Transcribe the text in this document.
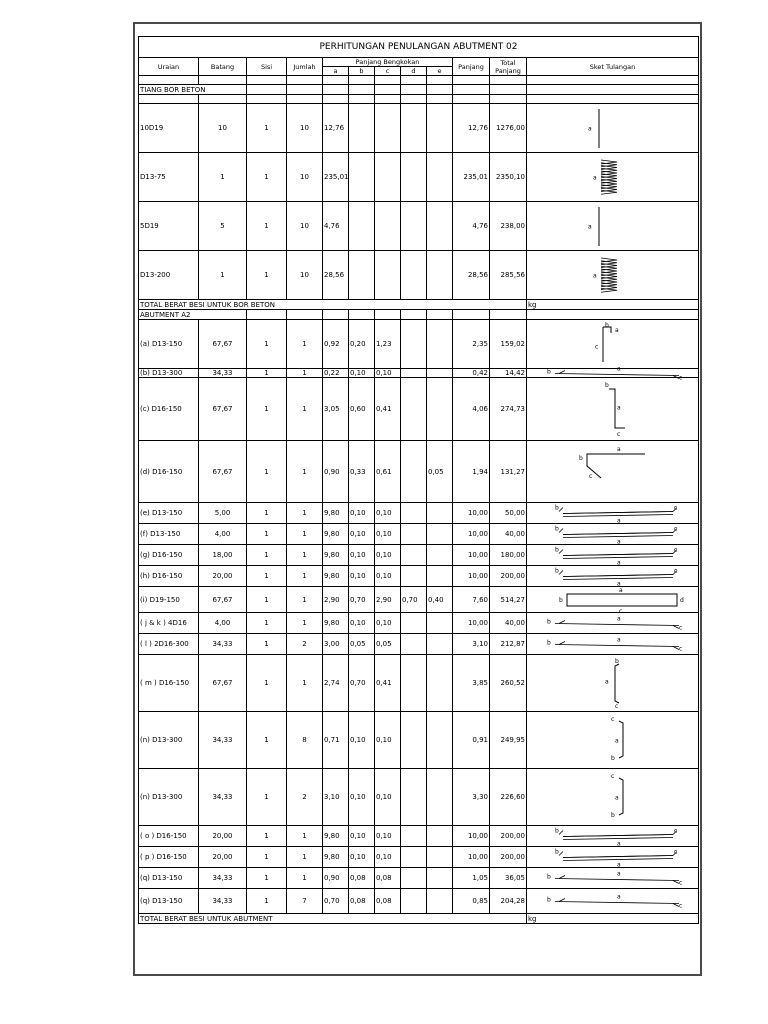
PERHITUNGAN PENULANGAN ABUTMENT 02											
Uraian	Batang	Sisi	Jumlah	Panjang Bengkokan					Panjang	Total Panjang	Sket Tulangan
				a	b	c	d	e			

TIANG BOR BETON											

10D19	10	1	10	12,76					12,76	1276,00	a

D13-75	1	1	10	235,01					235,01	2350,10	a

5D19	5	1	10	4,76					4,76	238,00	a

D13-200	1	1	10	28,56					28,56	285,56	a

TOTAL BERAT BESI UNTUK BOR BETON											kg
ABUTMENT A2											
(a) D13-150	67,67	1	1	0,92	0,20	1,23			2,35	159,02	a
b
c

(b) D13-300	34,33	1	1	0,22	0,10	0,10			0,42	14,42	b
c
a

(c) D16-150	67,67	1	1	3,05	0,60	0,41			4,06	274,73	b
a
c

(d) D16-150	67,67	1	1	0,90	0,33	0,61		0,05	1,94	131,27	a
b
c

(e) D13-150	5,00	1	1	9,80	0,10	0,10			10,00	50,00	b c
a

(f) D13-150	4,00	1	1	9,80	0,10	0,10			10,00	40,00	b c
a

(g) D16-150	18,00	1	1	9,80	0,10	0,10			10,00	180,00	b c
a

(h) D16-150	20,00	1	1	9,80	0,10	0,10			10,00	200,00	b c
a

(i) D19-150	67,67	1	1	2,90	0,70	2,90	0,70	0,40	7,60	514,27	a
b
c
d

( j & k ) 4D16	4,00	1	1	9,80	0,10	0,10			10,00	40,00	b
c
a

( l ) 2D16-300	34,33	1	2	3,00	0,05	0,05			3,10	212,87	b
c
a

( m ) D16-150	67,67	1	1	2,74	0,70	0,41			3,85	260,52	b
a
c

(n) D13-300	34,33	1	8	0,71	0,10	0,10			0,91	249,95	c
a
b

(n) D13-300	34,33	1	2	3,10	0,10	0,10			3,30	226,60	c
a
b

( o ) D16-150	20,00	1	1	9,80	0,10	0,10			10,00	200,00	b c
a

( p ) D16-150	20,00	1	1	9,80	0,10	0,10			10,00	200,00	b c
a

(q) D13-150	34,33	1	1	0,90	0,08	0,08			1,05	36,05	b
c
a

(q) D13-150	34,33	1	7	0,70	0,08	0,08			0,85	204,28	b
c
a

TOTAL BERAT BESI UNTUK ABUTMENT											kg
